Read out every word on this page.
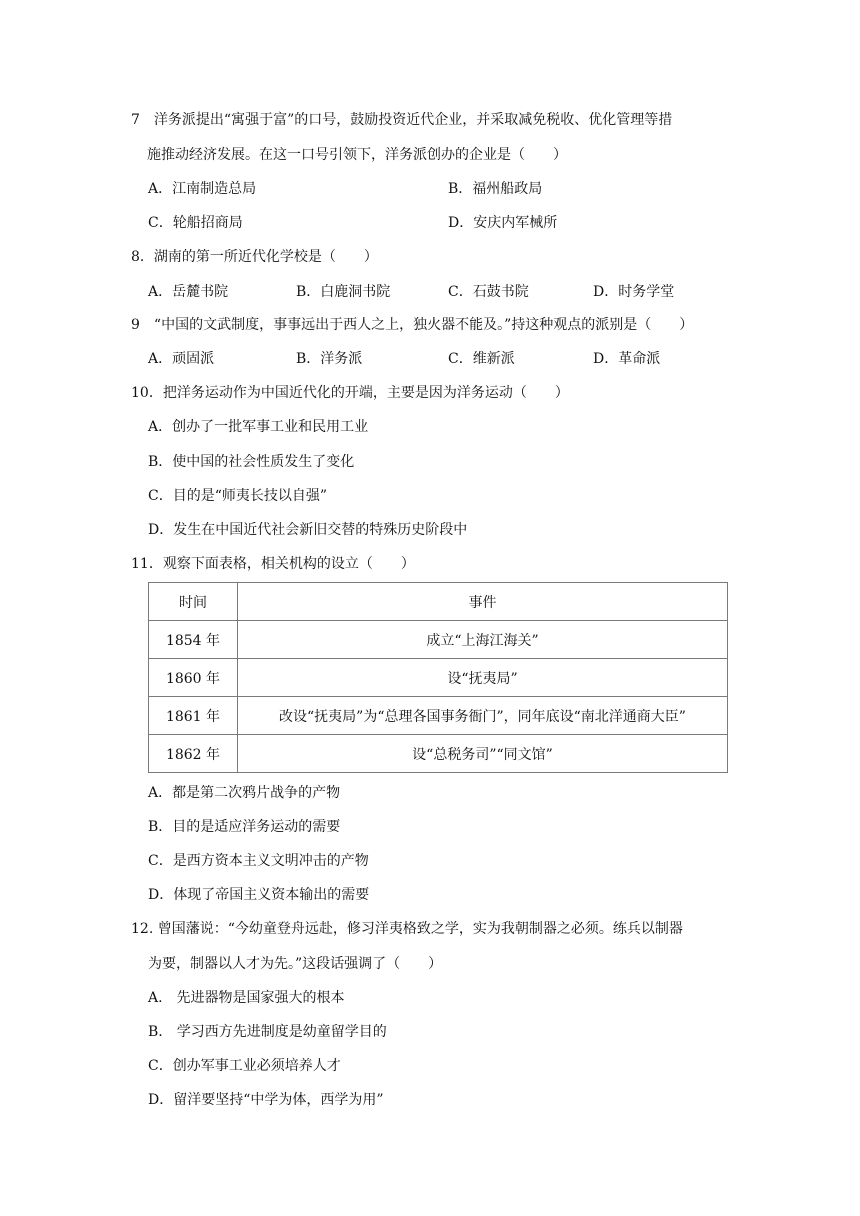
7　洋务派提出“寓强于富”的口号，鼓励投资近代企业，并采取减免税收、优化管理等措
施推动经济发展。在这一口号引领下，洋务派创办的企业是（　　）
A．江南制造总局	B．福州船政局
C．轮船招商局	D．安庆内军械所
8．湖南的第一所近代化学校是（　　）
A．岳麓书院	B．白鹿洞书院	C．石鼓书院	D．时务学堂
9　“中国的文武制度，事事远出于西人之上，独火器不能及。”持这种观点的派别是（　　）
A．顽固派	B．洋务派	C．维新派	D．革命派
10．把洋务运动作为中国近代化的开端，主要是因为洋务运动（　　）
A．创办了一批军事工业和民用工业
B．使中国的社会性质发生了变化
C．目的是“师夷长技以自强”
D．发生在中国近代社会新旧交替的特殊历史阶段中
11．观察下面表格，相关机构的设立（　　）
时间	事件
1854 年	成立“上海江海关”
1860 年	设“抚夷局”
1861 年	改设“抚夷局”为“总理各国事务衙门”，同年底设“南北洋通商大臣”
1862 年	设“总税务司”“同文馆”
A．都是第二次鸦片战争的产物
B．目的是适应洋务运动的需要
C．是西方资本主义文明冲击的产物
D．体现了帝国主义资本输出的需要
12. 曾国藩说：“今幼童登舟远赴，修习洋夷格致之学，实为我朝制器之必须。练兵以制器
为要，制器以人才为先。”这段话强调了（　　）
A.　先进器物是国家强大的根本
B.　学习西方先进制度是幼童留学目的
C．创办军事工业必须培养人才
D．留洋要坚持“中学为体，西学为用”
